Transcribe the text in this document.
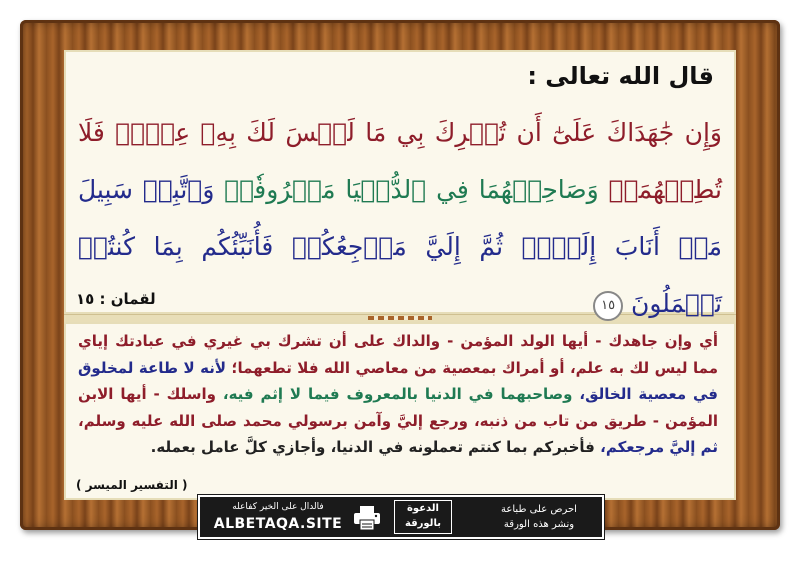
قال الله تعالى :

وَإِن جَٰهَدَاكَ عَلَىٰٓ أَن تُشۡرِكَ بِي مَا لَيۡسَ لَكَ بِهِۦ عِلۡمٞ فَلَا تُطِعۡهُمَاۖ وَصَاحِبۡهُمَا فِي ٱلدُّنۡيَا مَعۡرُوفٗاۖ وَٱتَّبِعۡ سَبِيلَ مَنۡ أَنَابَ إِلَيَّۚ ثُمَّ إِلَيَّ مَرۡجِعُكُمۡ فَأُنَبِّئُكُم بِمَا كُنتُمۡ تَعۡمَلُونَ ١٥

لقمان : ١٥

أي وإن جاهدك - أيها الولد المؤمن - والداك على أن تشرك بي غيري في عبادتك إياي مما ليس لك به علم، أو أمراك بمعصية من معاصي الله فلا تطعهما؛ لأنه لا طاعة لمخلوق في معصية الخالق، وصاحبهما في الدنيا بالمعروف فيما لا إثم فيه، واسلك - أيها الابن المؤمن - طريق من تاب من ذنبه، ورجع إليَّ وآمن برسولي محمد صلى الله عليه وسلم، ثم إليَّ مرجعكم، فأخبركم بما كنتم تعملونه في الدنيا، وأجازي كلَّ عامل بعمله.

( التفسير الميسر )
احرص على طباعة
ونشر هذه الورقة
الدعوة
بالورقة
فالدال على الخير كفاعله
ALBETAQA.SITE
